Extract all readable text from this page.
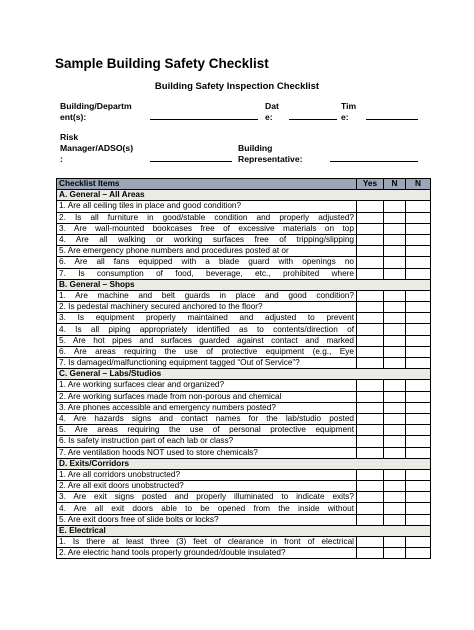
Sample Building Safety Checklist
Building Safety Inspection Checklist
Building/Departm
ent(s):
Dat
e:
Tim
e:
Risk
Manager/ADSO(s)
:
Building
Representative:
Checklist Items	Yes	N	N
A. General – All Areas			
1. Are all ceiling tiles in place and good condition?			
2. Is all furniture in good/stable condition and properly adjusted?			
3. Are wall-mounted bookcases free of excessive materials on top			
4. Are all walking or working surfaces free of tripping/slipping			
5. Are emergency phone numbers and procedures posted at or			
6. Are all fans equipped with a blade guard with openings no			
7. Is consumption of food, beverage, etc., prohibited where			
B. General – Shops			
1. Are machine and belt guards in place and good condition?			
2. Is pedestal machinery secured anchored to the floor?			
3. Is equipment properly maintained and adjusted to prevent			
4. Is all piping appropriately identified as to contents/direction of			
5. Are hot pipes and surfaces guarded against contact and marked			
6. Are areas requiring the use of protective equipment (e.g., Eye			
7. Is damaged/malfunctioning equipment tagged “Out of Service”?			
C. General – Labs/Studios			
1. Are working surfaces clear and organized?			
2. Are working surfaces made from non-porous and chemical			
3. Are phones accessible and emergency numbers posted?			
4. Are hazards signs and contact names for the lab/studio posted			
5. Are areas requiring the use of personal protective equipment			
6. Is safety instruction part of each lab or class?			
7. Are ventilation hoods NOT used to store chemicals?			
D. Exits/Corridors			
1. Are all corridors unobstructed?			
2. Are all exit doors unobstructed?			
3. Are exit signs posted and properly illuminated to indicate exits?			
4. Are all exit doors able to be opened from the inside without			
5. Are exit doors free of slide bolts or locks?			
E. Electrical			
1. Is there at least three (3) feet of clearance in front of electrical			
2. Are electric hand tools properly grounded/double insulated?			
